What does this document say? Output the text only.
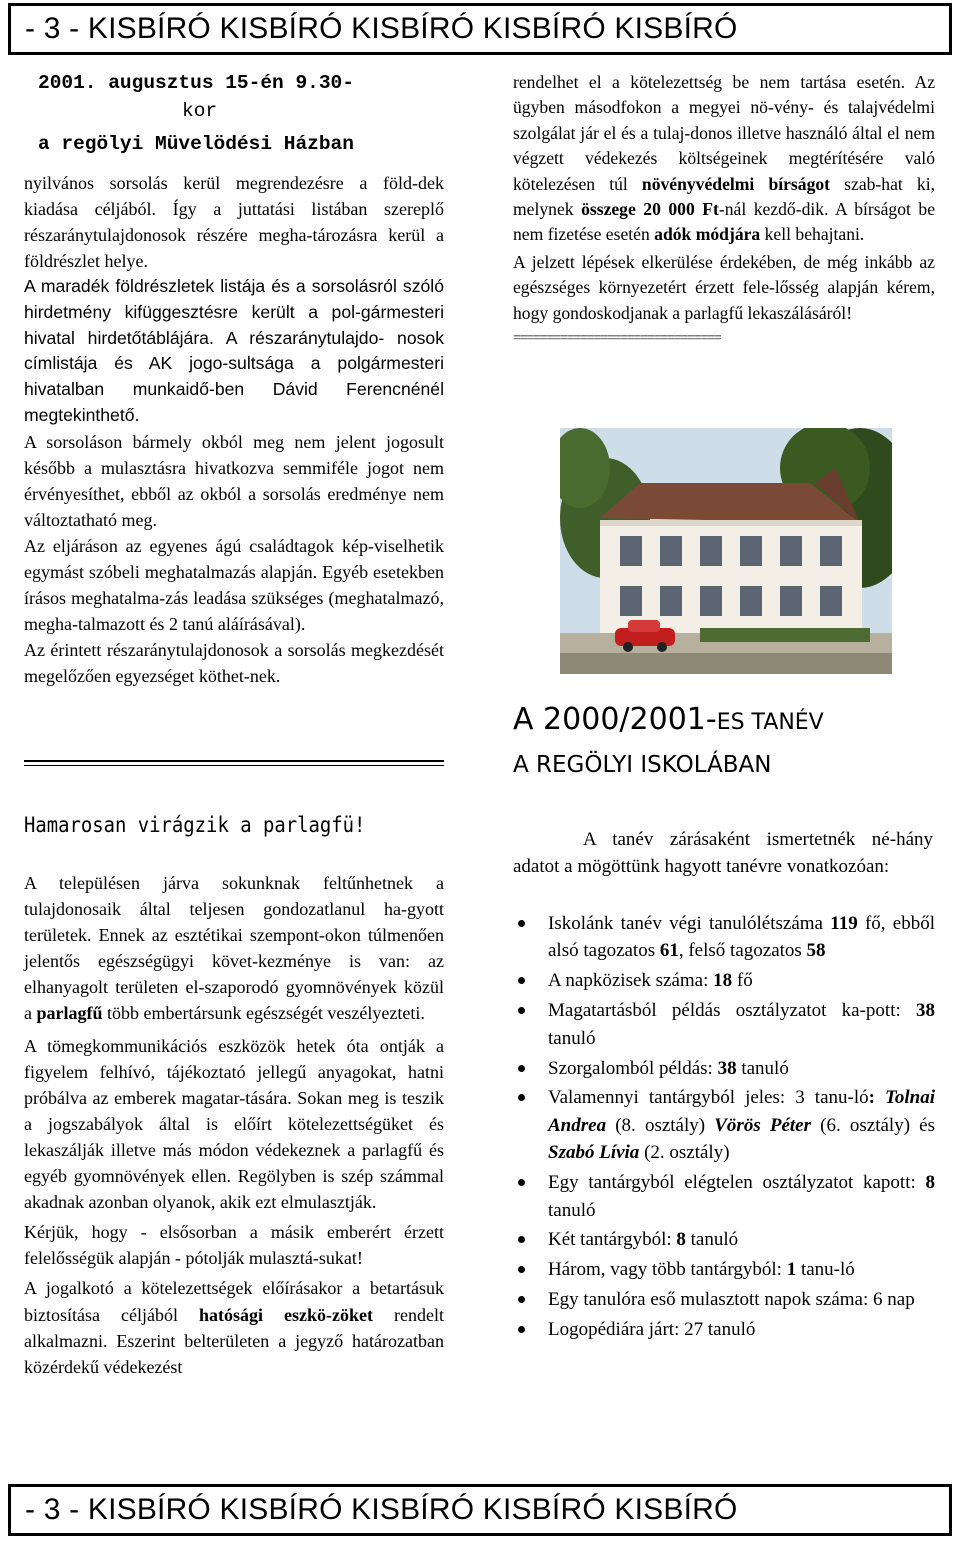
- 3 - KISBÍRÓ KISBÍRÓ KISBÍRÓ KISBÍRÓ KISBÍRÓ

2001. augusztus 15-én 9.30-

kor

a regölyi Müvelödési Házban

nyilvános sorsolás kerül megrendezésre a föld-dek kiadása céljából. Így a juttatási listában szereplő részaránytulajdonosok részére megha-tározásra kerül a földrészlet helye.

A maradék földrészletek listája és a sorsolásról szóló hirdetmény kifüggesztésre került a pol-gármesteri hivatal hirdetőtáblájára. A részaránytulajdo- nosok címlistája és AK jogo-sultsága a polgármesteri hivatalban munkaidő-ben Dávid Ferencnénél megtekinthető.

A sorsoláson bármely okból meg nem jelent jogosult később a mulasztásra hivatkozva semmiféle jogot nem érvényesíthet, ebből az okból a sorsolás eredménye nem változtatható meg.

Az eljáráson az egyenes ágú családtagok kép-viselhetik egymást szóbeli meghatalmazás alapján. Egyéb esetekben írásos meghatalma-zás leadása szükséges (meghatalmazó, megha-talmazott és 2 tanú aláírásával).

Az érintett részaránytulajdonosok a sorsolás megkezdését megelőzően egyezséget köthet-nek.

Hamarosan virágzik a parlagfü!

A településen járva sokunknak feltűnhetnek a tulajdonosaik által teljesen gondozatlanul ha-gyott területek. Ennek az esztétikai szempont-okon túlmenően jelentős egészségügyi követ-kezménye is van: az elhanyagolt területen el-szaporodó gyomnövények közül a parlagfű több embertársunk egészségét veszélyezteti.

A tömegkommunikációs eszközök hetek óta ontják a figyelem felhívó, tájékoztató jellegű anyagokat, hatni próbálva az emberek magatar-tására. Sokan meg is teszik a jogszabályok által is előírt kötelezettségüket és lekaszálják illetve más módon védekeznek a parlagfű és egyéb gyomnövények ellen. Regölyben is szép számmal akadnak azonban olyanok, akik ezt elmulasztják.

Kérjük, hogy - elsősorban a másik emberért érzett felelősségük alapján - pótolják mulasztá-sukat!

A jogalkotó a kötelezettségek előírásakor a betartásuk biztosítása céljából hatósági eszkö-zöket rendelt alkalmazni. Eszerint belterületen a jegyző határozatban közérdekű védekezést

rendelhet el a kötelezettség be nem tartása esetén. Az ügyben másodfokon a megyei nö-vény- és talajvédelmi szolgálat jár el és a tulaj-donos illetve használó által el nem végzett védekezés költségeinek megtérítésére való kötelezésen túl növényvédelmi bírságot szab-hat ki, melynek összege 20 000 Ft-nál kezdő-dik. A bírságot be nem fizetése esetén adók módjára kell behajtani.

A jelzett lépések elkerülése érdekében, de még inkább az egészséges környezetért érzett fele-lősség alapján kérem, hogy gondoskodjanak a parlagfű lekaszálásáról!

===============================
A 2000/2001-ES TANÉV
A REGÖLYI ISKOLÁBAN

A tanév zárásaként ismertetnék né-hány adatot a mögöttünk hagyott tanévre vonatkozóan:

Iskolánk tanév végi tanulólétszáma 119 fő, ebből alsó tagozatos 61, felső tagozatos 58
A napközisek száma: 18 fő
Magatartásból példás osztályzatot ka-pott: 38 tanuló
Szorgalomból példás: 38 tanuló
Valamennyi tantárgyból jeles: 3 tanu-ló: Tolnai Andrea (8. osztály) Vörös Péter (6. osztály) és Szabó Lívia (2. osztály)
Egy tantárgyból elégtelen osztályzatot kapott: 8 tanuló
Két tantárgyból: 8 tanuló
Három, vagy több tantárgyból: 1 tanu-ló
Egy tanulóra eső mulasztott napok száma: 6 nap
Logopédiára járt: 27 tanuló
- 3 - KISBÍRÓ KISBÍRÓ KISBÍRÓ KISBÍRÓ KISBÍRÓ
